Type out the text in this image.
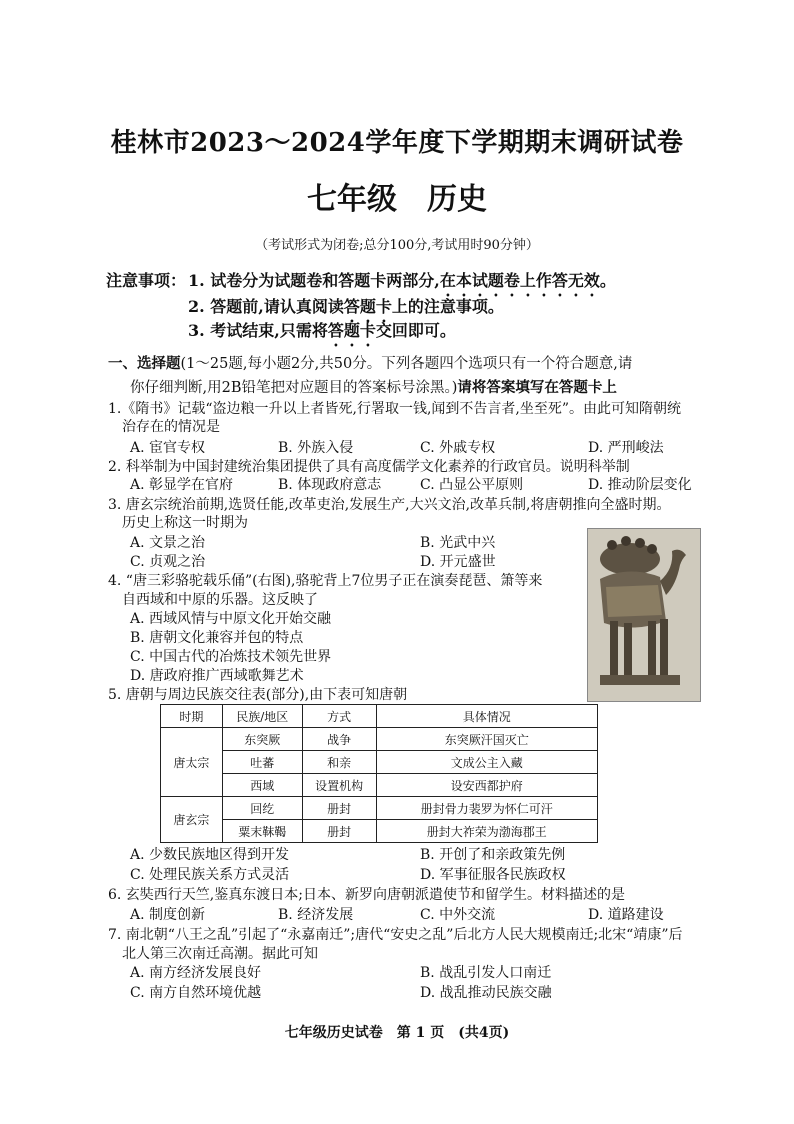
桂林市2023～2024学年度下学期期末调研试卷
七年级　历史
（考试形式为闭卷;总分100分,考试用时90分钟）
注意事项： 1. 试卷分为试题卷和答题卡两部分,在本试题卷上作答无效。
2. 答题前,请认真阅读答题卡上的注意事项。
3. 考试结束,只需将答题卡交回即可。
一、选择题(1～25题,每小题2分,共50分。下列各题四个选项只有一个符合题意,请
你仔细判断,用2B铅笔把对应题目的答案标号涂黑。)请将答案填写在答题卡上
1.《隋书》记载“盗边粮一升以上者皆死,行署取一钱,闻到不告言者,坐至死”。由此可知隋朝统
　治存在的情况是
A. 宦官专权	B. 外族入侵	C. 外戚专权	D. 严刑峻法
2. 科举制为中国封建统治集团提供了具有高度儒学文化素养的行政官员。说明科举制
A. 彰显学在官府	B. 体现政府意志	C. 凸显公平原则	D. 推动阶层变化
3. 唐玄宗统治前期,选贤任能,改革吏治,发展生产,大兴文治,改革兵制,将唐朝推向全盛时期。
　历史上称这一时期为
A. 文景之治	B. 光武中兴
C. 贞观之治	D. 开元盛世
4. “唐三彩骆驼载乐俑”(右图),骆驼背上7位男子正在演奏琵琶、箫等来
　自西域和中原的乐器。这反映了
A. 西域风情与中原文化开始交融
B. 唐朝文化兼容并包的特点
C. 中国古代的冶炼技术领先世界
D. 唐政府推广西域歌舞艺术
5. 唐朝与周边民族交往表(部分),由下表可知唐朝
时期	民族/地区	方式	具体情况
唐太宗	东突厥	战争	东突厥汗国灭亡
	吐蕃	和亲	文成公主入藏
	西域	设置机构	设安西都护府
唐玄宗	回纥	册封	册封骨力裴罗为怀仁可汗
	粟末靺鞨	册封	册封大祚荣为渤海郡王
A. 少数民族地区得到开发	B. 开创了和亲政策先例
C. 处理民族关系方式灵活	D. 军事征服各民族政权
6. 玄奘西行天竺,鉴真东渡日本;日本、新罗向唐朝派遣使节和留学生。材料描述的是
A. 制度创新	B. 经济发展	C. 中外交流	D. 道路建设
7. 南北朝“八王之乱”引起了“永嘉南迁”;唐代“安史之乱”后北方人民大规模南迁;北宋“靖康”后
　北人第三次南迁高潮。据此可知
A. 南方经济发展良好	B. 战乱引发人口南迁
C. 南方自然环境优越	D. 战乱推动民族交融
七年级历史试卷　第 1 页　(共4页)
